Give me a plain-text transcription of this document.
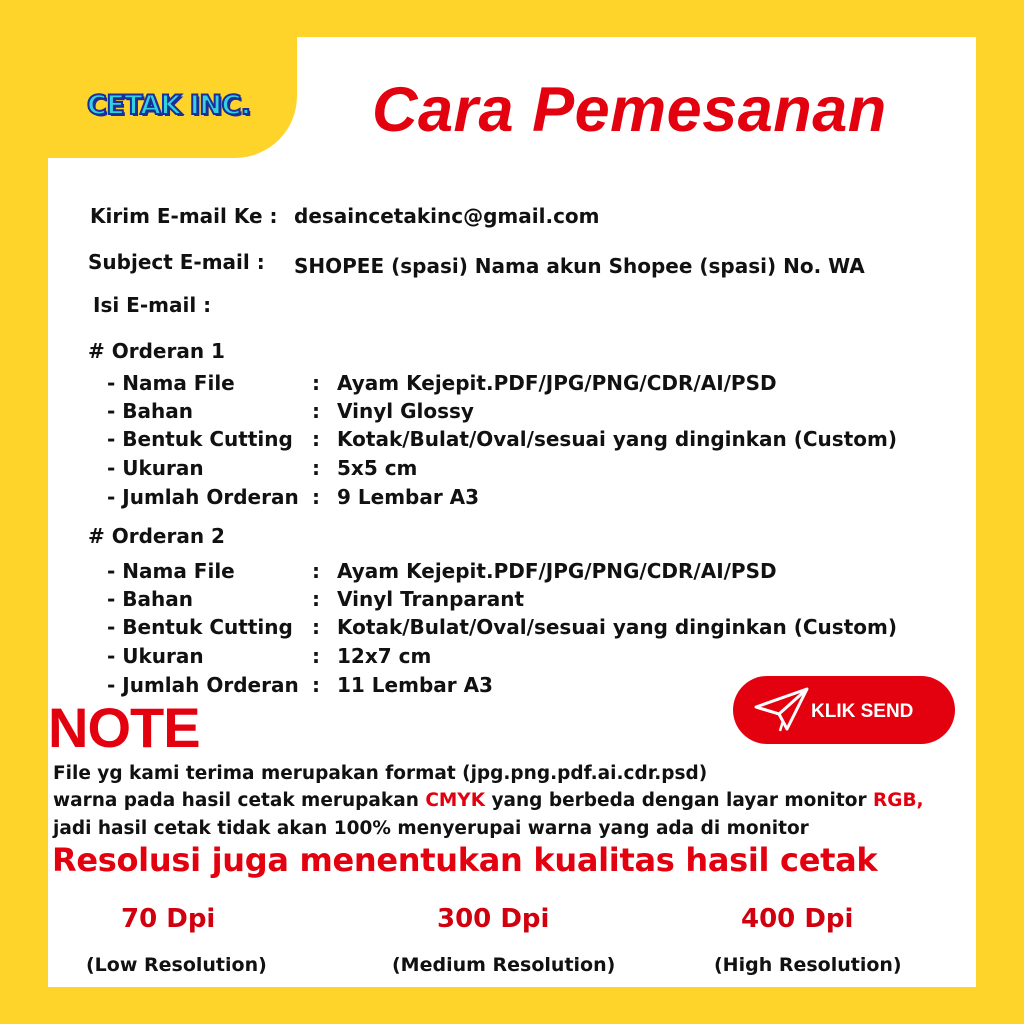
CETAK INC. Cara Pemesanan
Kirim E-mail Ke : desaincetakinc@gmail.com
Subject E-mail : SHOPEE (spasi) Nama akun Shopee (spasi) No. WA
Isi E-mail :
# Orderan 1
- Nama File	: Ayam Kejepit.PDF/JPG/PNG/CDR/AI/PSD
- Bahan	: Vinyl Glossy
- Bentuk Cutting : Kotak/Bulat/Oval/sesuai yang dinginkan (Custom)
- Ukuran	: 5x5 cm
- Jumlah Orderan : 9 Lembar A3
# Orderan 2
- Nama File	: Ayam Kejepit.PDF/JPG/PNG/CDR/AI/PSD
- Bahan	: Vinyl Tranparant
- Bentuk Cutting : Kotak/Bulat/Oval/sesuai yang dinginkan (Custom)
- Ukuran	: 12x7 cm
- Jumlah Orderan : 11 Lembar A3
KLIK SEND
NOTE
File yg kami terima merupakan format (jpg.png.pdf.ai.cdr.psd)
warna pada hasil cetak merupakan CMYK yang berbeda dengan layar monitor RGB,
jadi hasil cetak tidak akan 100% menyerupai warna yang ada di monitor
Resolusi juga menentukan kualitas hasil cetak
70 Dpi	300 Dpi	400 Dpi
(Low Resolution)	(Medium Resolution)	(High Resolution)
